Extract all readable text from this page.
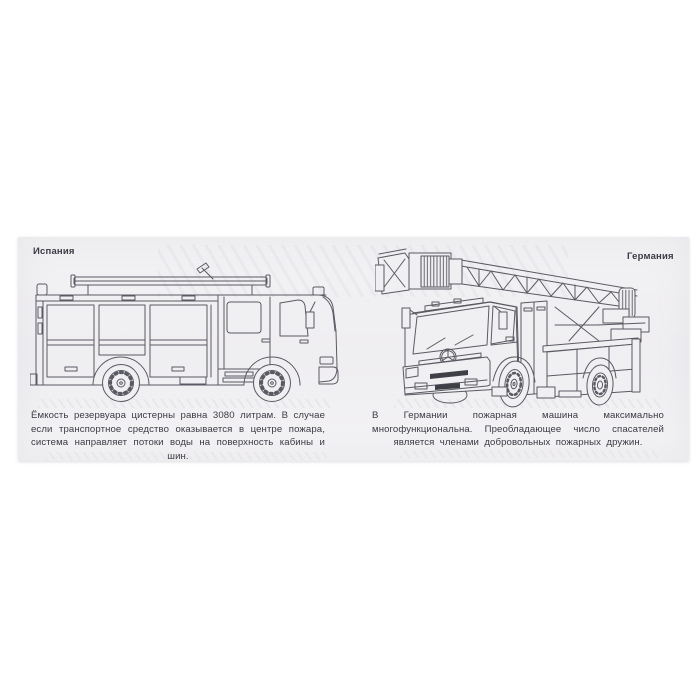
Испания	Германия
Ёмкость резервуара цистерны равна 3080 литрам. В случае если транспортное средство оказывается в центре пожара, система направляет потоки воды на поверхность кабины и шин.
В Германии пожарная машина максимально многофункциональна. Преобладающее число спасателей является членами добровольных пожарных дружин.
